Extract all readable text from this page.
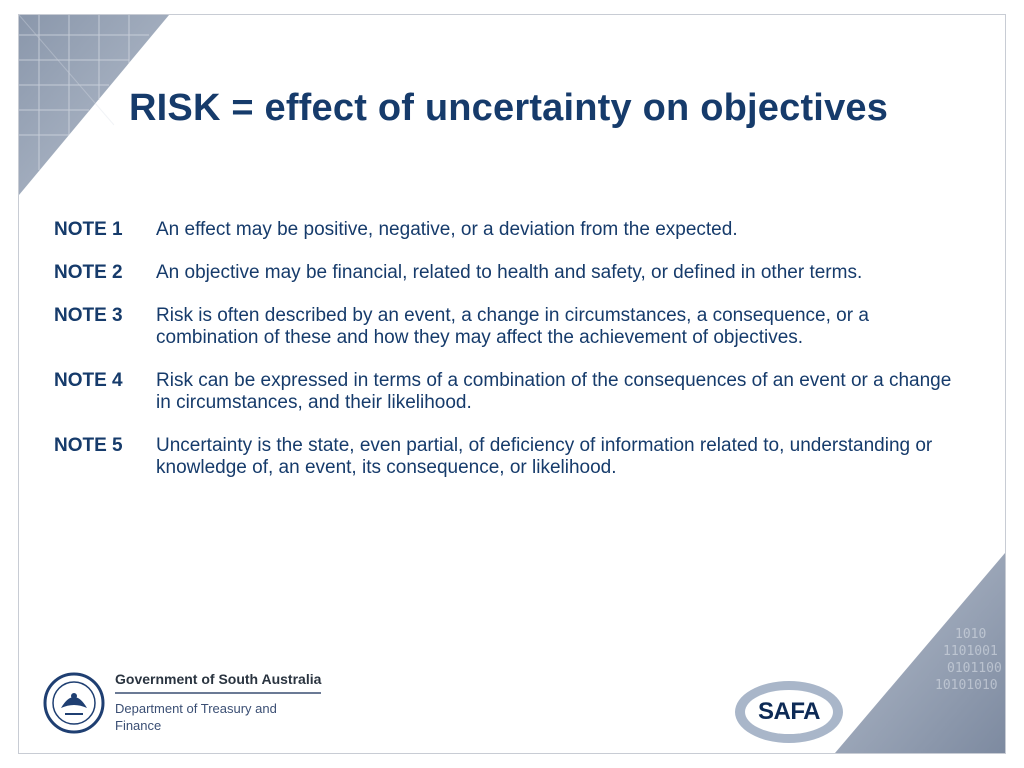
1010
1101001
0101100
10101010
RISK = effect of uncertainty on objectives
NOTE 1	An effect may be positive, negative, or a deviation from the expected.
NOTE 2	An objective may be financial, related to health and safety, or defined in other terms.
NOTE 3	Risk is often described by an event, a change in circumstances, a consequence, or a combination of these and how they may affect the achievement of objectives.
NOTE 4	Risk can be expressed in terms of a combination of the consequences of an event or a change in circumstances, and their likelihood.
NOTE 5	Uncertainty is the state, even partial, of deficiency of information related to, understanding or knowledge of, an event, its consequence, or likelihood.
Government of South Australia
Department of Treasury and Finance
SAFA
